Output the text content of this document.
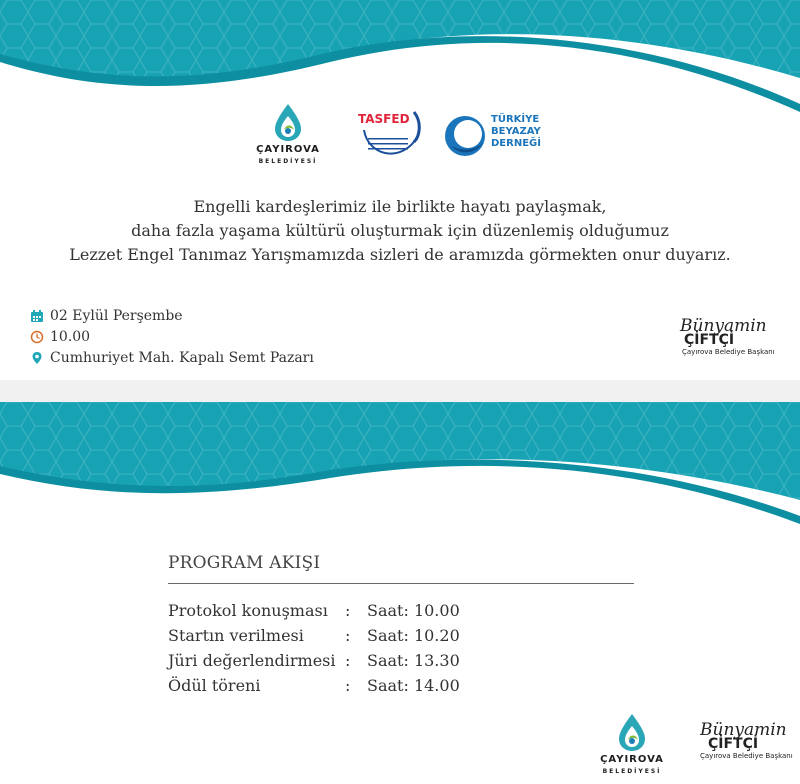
ÇAYIROVA
BELEDİYESİ
TASFED	TÜRKİYE
BEYAZAY
DERNEĞİ

Engelli kardeşlerimiz ile birlikte hayatı paylaşmak,

daha fazla yaşama kültürü oluşturmak için düzenlemiş olduğumuz

Lezzet Engel Tanımaz Yarışmamızda sizleri de aramızda görmekten onur duyarız.

02 Eylül Perşembe
10.00
Cumhuriyet Mah. Kapalı Semt Pazarı
Bünyamin
ÇİFTÇİ
Çayırova Belediye Başkanı
PROGRAM AKIŞI
Protokol konuşması	:	Saat: 10.00
Startın verilmesi	:	Saat: 10.20
Jüri değerlendirmesi :	Saat: 13.30
Ödül töreni	:	Saat: 14.00
ÇAYIROVA
BELEDİYESİ
Bünyamin
ÇİFTÇİ
Çayırova Belediye Başkanı
